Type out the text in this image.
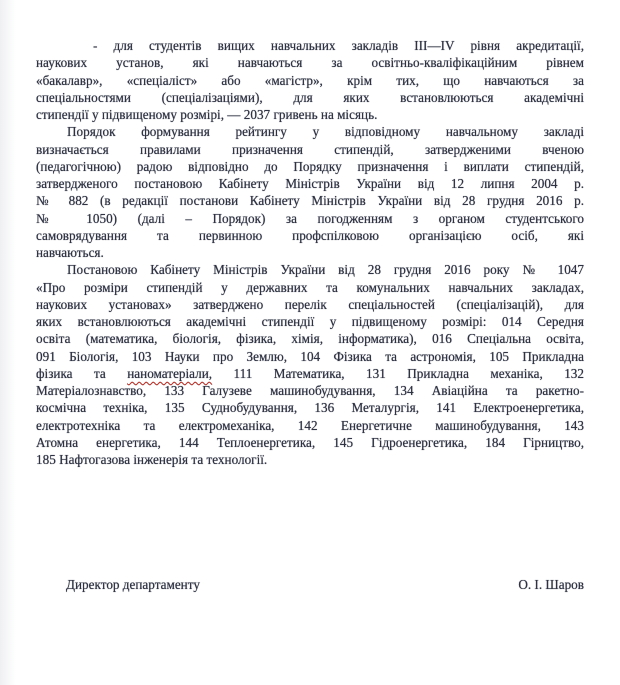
- для студентів вищих навчальних закладів III—IV рівня акредитації,
наукових установ, які навчаються за освітньо-кваліфікаційним рівнем
«бакалавр», «спеціаліст» або «магістр», крім тих, що навчаються за
спеціальностями (спеціалізаціями), для яких встановлюються академічні
стипендії у підвищеному розмірі, — 2037 гривень на місяць.
Порядок формування рейтингу у відповідному навчальному закладі
визначається правилами призначення стипендій, затвердженими вченою
(педагогічною) радою відповідно до Порядку призначення і виплати стипендій,
затвердженого постановою Кабінету Міністрів України від 12 липня 2004 р.
№ 882 (в редакції постанови Кабінету Міністрів України від 28 грудня 2016 р.
№ 1050) (далі – Порядок) за погодженням з органом студентського
самоврядування та первинною профспілковою організацією осіб, які
навчаються.
Постановою Кабінету Міністрів України від 28 грудня 2016 року № 1047
«Про розміри стипендій у державних та комунальних навчальних закладах,
наукових установах» затверджено перелік спеціальностей (спеціалізацій), для
яких встановлюються академічні стипендії у підвищеному розмірі: 014 Середня
освіта (математика, біологія, фізика, хімія, інформатика), 016 Спеціальна освіта,
091 Біологія, 103 Науки про Землю, 104 Фізика та астрономія, 105 Прикладна
фізика та наноматеріали, 111 Математика, 131 Прикладна механіка, 132
Матеріалознавство, 133 Галузеве машинобудування, 134 Авіаційна та ракетно-
космічна техніка, 135 Суднобудування, 136 Металургія, 141 Електроенергетика,
електротехніка та електромеханіка, 142 Енергетичне машинобудування, 143
Атомна енергетика, 144 Теплоенергетика, 145 Гідроенергетика, 184 Гірництво,
185 Нафтогазова інженерія та технології.
Директор департаменту	О. І. Шаров
